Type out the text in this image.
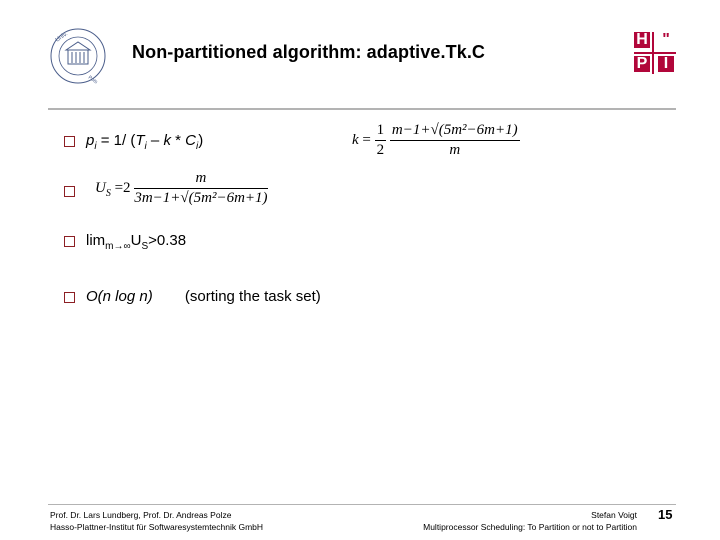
Univ.
Pots
Non-partitioned algorithm: adaptive.Tk.C
H "
P	I
$p_i = 1/$ ($T_i$ – k * $C_i$)	$k = \frac{1}{2}$
$\frac{\text{m−1+√(5m²−6m+1)}}{m}$
$U_S =2 \frac{m}{\text{3m−1+√(5m²−6m+1)}}$
$\lim_{m\to\infty}U_S>0.38$
O(n log n) (sorting the task set)
Prof. Dr. Lars Lundberg, Prof. Dr. Andreas Polze
Hasso-Plattner-Institut für Softwaresystemtechnik GmbH
Stefan Voigt
Multiprocessor Scheduling: To Partition or not to Partition
15
